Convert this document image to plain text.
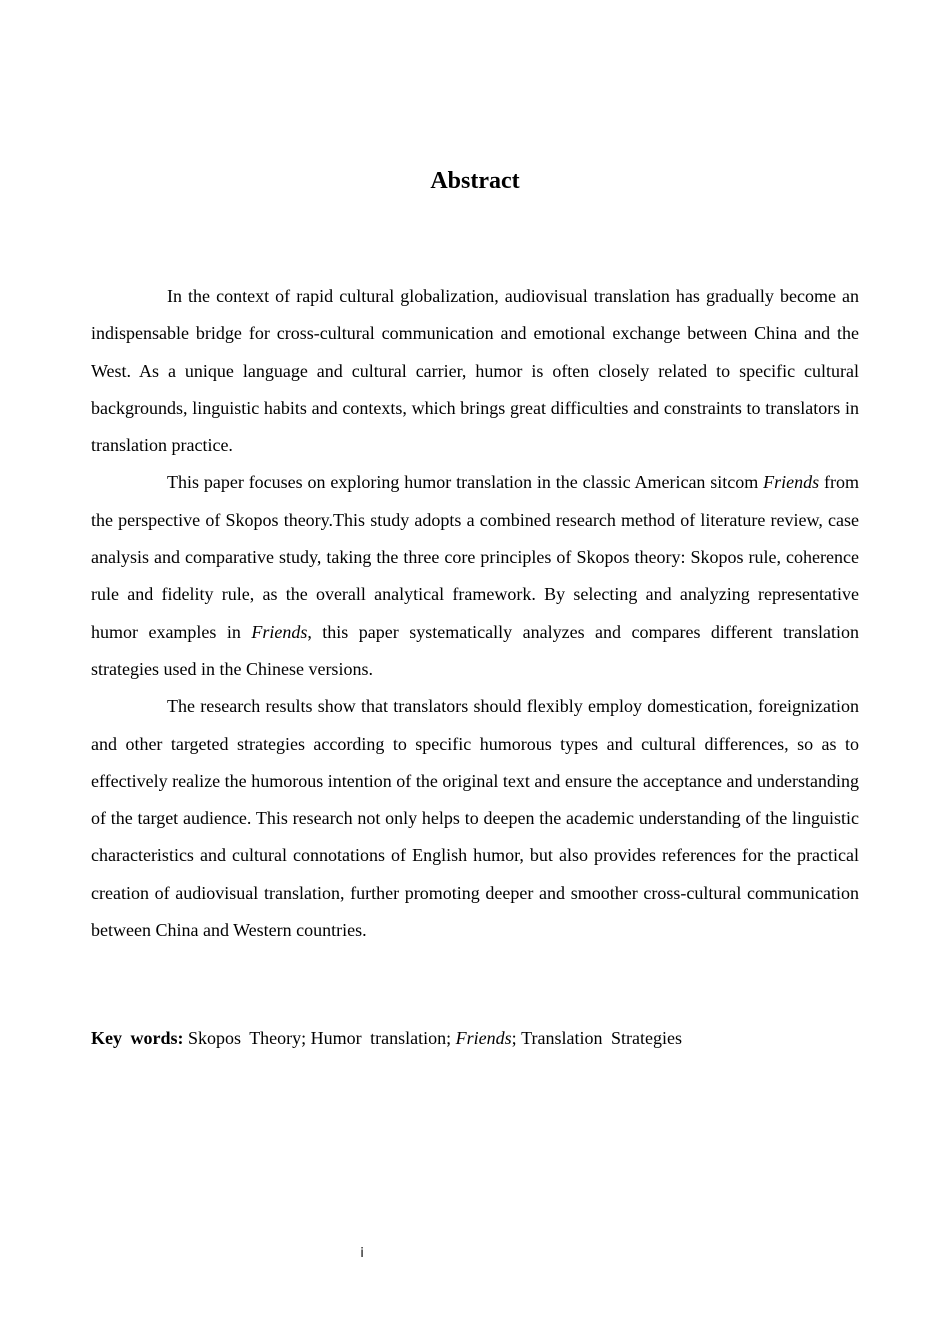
Abstract

In the context of rapid cultural globalization, audiovisual translation has gradually become an indispensable bridge for cross-cultural communication and emotional exchange between China and the West. As a unique language and cultural carrier, humor is often closely related to specific cultural backgrounds, linguistic habits and contexts, which brings great difficulties and constraints to translators in translation practice.

This paper focuses on exploring humor translation in the classic American sitcom Friends from the perspective of Skopos theory.This study adopts a combined research method of literature review, case analysis and comparative study, taking the three core principles of Skopos theory: Skopos rule, coherence rule and fidelity rule, as the overall analytical framework. By selecting and analyzing representative humor examples in Friends, this paper systematically analyzes and compares different translation strategies used in the Chinese versions.

The research results show that translators should flexibly employ domestication, foreignization and other targeted strategies according to specific humorous types and cultural differences, so as to effectively realize the humorous intention of the original text and ensure the acceptance and understanding of the target audience. This research not only helps to deepen the academic understanding of the linguistic characteristics and cultural connotations of English humor, but also provides references for the practical creation of audiovisual translation, further promoting deeper and smoother cross-cultural communication between China and Western countries.

Key words: Skopos Theory; Humor translation; Friends; Translation Strategies
i
